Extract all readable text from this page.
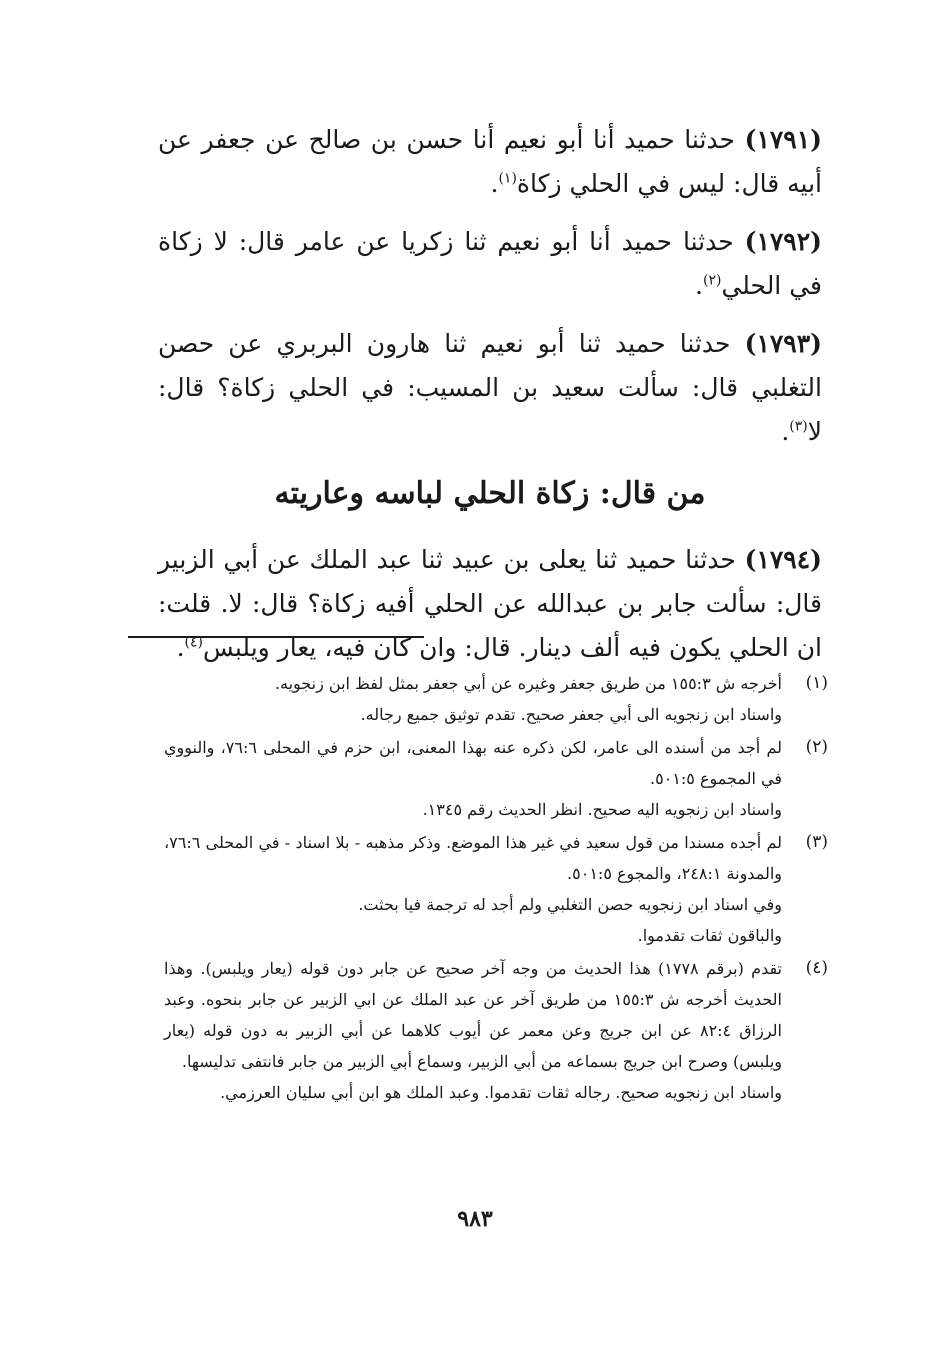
(١٧٩١) حدثنا حميد أنا أبو نعيم أنا حسن بن صالح عن جعفر عن أبيه قال: ليس في الحلي زكاة$^{(١)}$.

(١٧٩٢) حدثنا حميد أنا أبو نعيم ثنا زكريا عن عامر قال: لا زكاة في الحلي$^{(٢)}$.

(١٧٩٣) حدثنا حميد ثنا أبو نعيم ثنا هارون البربري عن حصن التغلبي قال: سألت سعيد بن المسيب: في الحلي زكاة؟ قال: لا$^{(٣)}$.

من قال: زكاة الحلي لباسه وعاريته

(١٧٩٤) حدثنا حميد ثنا يعلى بن عبيد ثنا عبد الملك عن أبي الزبير قال: سألت جابر بن عبدالله عن الحلي أفيه زكاة؟ قال: لا. قلت: ان الحلي يكون فيه ألف دينار. قال: وان كان فيه، يعار ويلبس$^{(٤)}$.

(١)
أخرجه ش ١٥٥:٣ من طريق جعفر وغيره عن أبي جعفر بمثل لفظ ابن زنجويه.
واسناد ابن زنجويه الى أبي جعفر صحيح. تقدم توثيق جميع رجاله.
(٢)
لم أجد من أسنده الى عامر، لكن ذكره عنه بهذا المعنى، ابن حزم في المحلى ٧٦:٦، والنووي في المجموع ٥٠١:٥.
واسناد ابن زنجويه اليه صحيح. انظر الحديث رقم ١٣٤٥.
(٣)
لم أجده مسندا من قول سعيد في غير هذا الموضع. وذكر مذهبه - بلا اسناد - في المحلى ٧٦:٦، والمدونة ٢٤٨:١، والمجوع ٥٠١:٥.
وفي اسناد ابن زنجويه حصن التغلبي ولم أجد له ترجمة فيا بحثت.
والباقون ثقات تقدموا.
(٤)
تقدم (برقم ١٧٧٨) هذا الحديث من وجه آخر صحيح عن جابر دون قوله (يعار ويلبس). وهذا الحديث أخرجه ش ١٥٥:٣ من طريق آخر عن عبد الملك عن ابي الزبير عن جابر بنحوه. وعبد الرزاق ٨٢:٤ عن ابن جريج وعن معمر عن أيوب كلاهما عن أبي الزبير به دون قوله (يعار ويلبس) وصرح ابن جريج بسماعه من أبي الزبير، وسماع أبي الزبير من جابر فانتفى تدليسها.
واسناد ابن زنجويه صحيح. رجاله ثقات تقدموا. وعبد الملك هو ابن أبي سليان العرزمي.
٩٨٣
